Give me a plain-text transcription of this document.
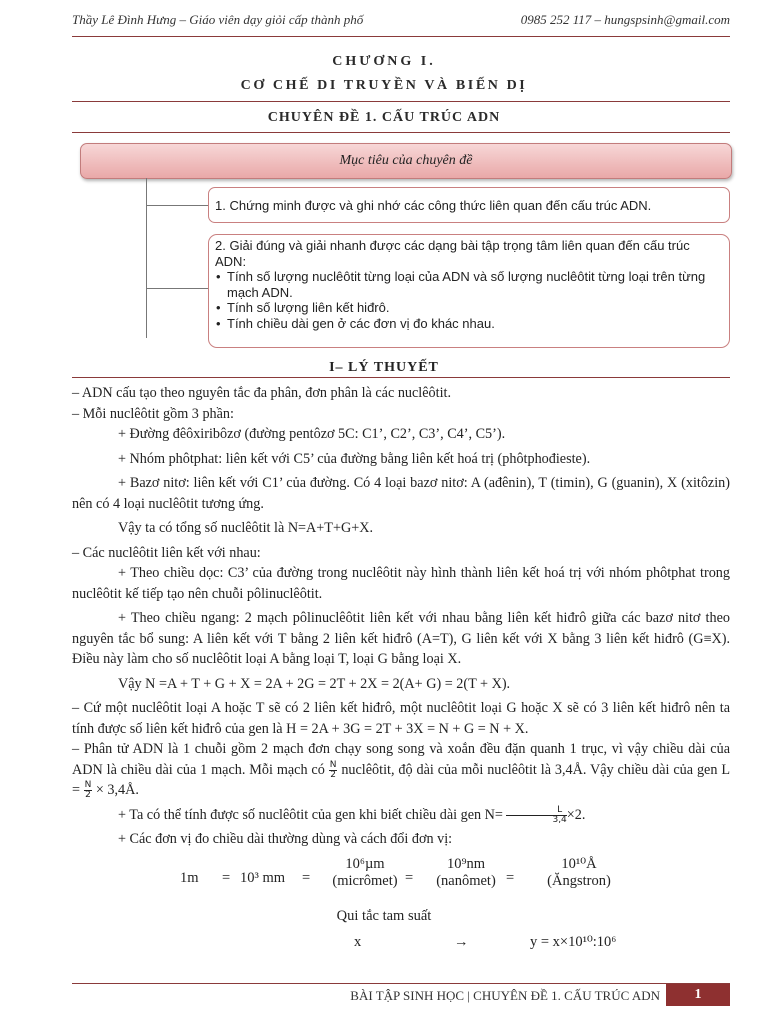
Thầy Lê Đình Hưng – Giáo viên dạy giỏi cấp thành phố	0985 252 117 – hungspsinh@gmail.com
CHƯƠNG I.
CƠ CHẾ DI TRUYỀN VÀ BIẾN DỊ
CHUYÊN ĐỀ 1. CẤU TRÚC ADN
Mục tiêu của chuyên đề
1. Chứng minh được và ghi nhớ các công thức liên quan đến cấu trúc ADN.
2. Giải đúng và giải nhanh được các dạng bài tập trọng tâm liên quan đến cấu trúc ADN:
• Tính số lượng nuclêôtit từng loại của ADN và số lượng nuclêôtit từng loại trên từng mạch ADN.
• Tính số lượng liên kết hiđrô.
• Tính chiều dài gen ở các đơn vị đo khác nhau.
I– LÝ THUYẾT

– ADN cấu tạo theo nguyên tắc đa phân, đơn phân là các nuclêôtit.

– Mỗi nuclêôtit gồm 3 phần:

+ Đường đêôxiribôzơ (đường pentôzơ 5C: C1’, C2’, C3’, C4’, C5’).

+ Nhóm phôtphat: liên kết với C5’ của đường bằng liên kết hoá trị (phôtphođieste).

+ Bazơ nitơ: liên kết với C1’ của đường. Có 4 loại bazơ nitơ: A (ađênin), T (timin), G (guanin), X (xitôzin) nên có 4 loại nuclêôtit tương ứng.

Vậy ta có tổng số nuclêôtit là N=A+T+G+X.

– Các nuclêôtit liên kết với nhau:

+ Theo chiều dọc: C3’ của đường trong nuclêôtit này hình thành liên kết hoá trị với nhóm phôtphat trong nuclêôtit kế tiếp tạo nên chuỗi pôlinuclêôtit.

+ Theo chiều ngang: 2 mạch pôlinuclêôtit liên kết với nhau bằng liên kết hiđrô giữa các bazơ nitơ theo nguyên tắc bổ sung: A liên kết với T bằng 2 liên kết hiđrô (A=T), G liên kết với X bằng 3 liên kết hiđrô (G≡X). Điều này làm cho số nuclêôtit loại A bằng loại T, loại G bằng loại X.

Vậy N =A + T + G + X = 2A + 2G = 2T + 2X = 2(A+ G) = 2(T + X).

– Cứ một nuclêôtit loại A hoặc T sẽ có 2 liên kết hiđrô, một nuclêôtit loại G hoặc X sẽ có 3 liên kết hiđrô nên ta tính được số liên kết hiđrô của gen là H = 2A + 3G = 2T + 3X = N + G = N + X.

– Phân tử ADN là 1 chuỗi gồm 2 mạch đơn chạy song song và xoắn đều đặn quanh 1 trục, vì vậy chiều dài của ADN là chiều dài của 1 mạch. Mỗi mạch có $\frac{N}{2}$ nuclêôtit, độ dài của mỗi nuclêôtit là 3,4Å. Vậy chiều dài của gen $L = \frac{N}{2}$ × 3,4Å.

+ Ta có thể tính được số nuclêôtit của gen khi biết chiều dài gen $N= \frac{L}{3,4} \times 2$.

+ Các đơn vị đo chiều dài thường dùng và cách đổi đơn vị:

1m = 10³ mm =
10⁶µm
(micrômet) =
10⁹nm
(nanômet) =
10¹⁰Å
(Ăngstron)
Qui tắc tam suất
x	→	y = x×10¹⁰:10⁶
BÀI TẬP SINH HỌC | CHUYÊN ĐỀ 1. CẤU TRÚC ADN	1
